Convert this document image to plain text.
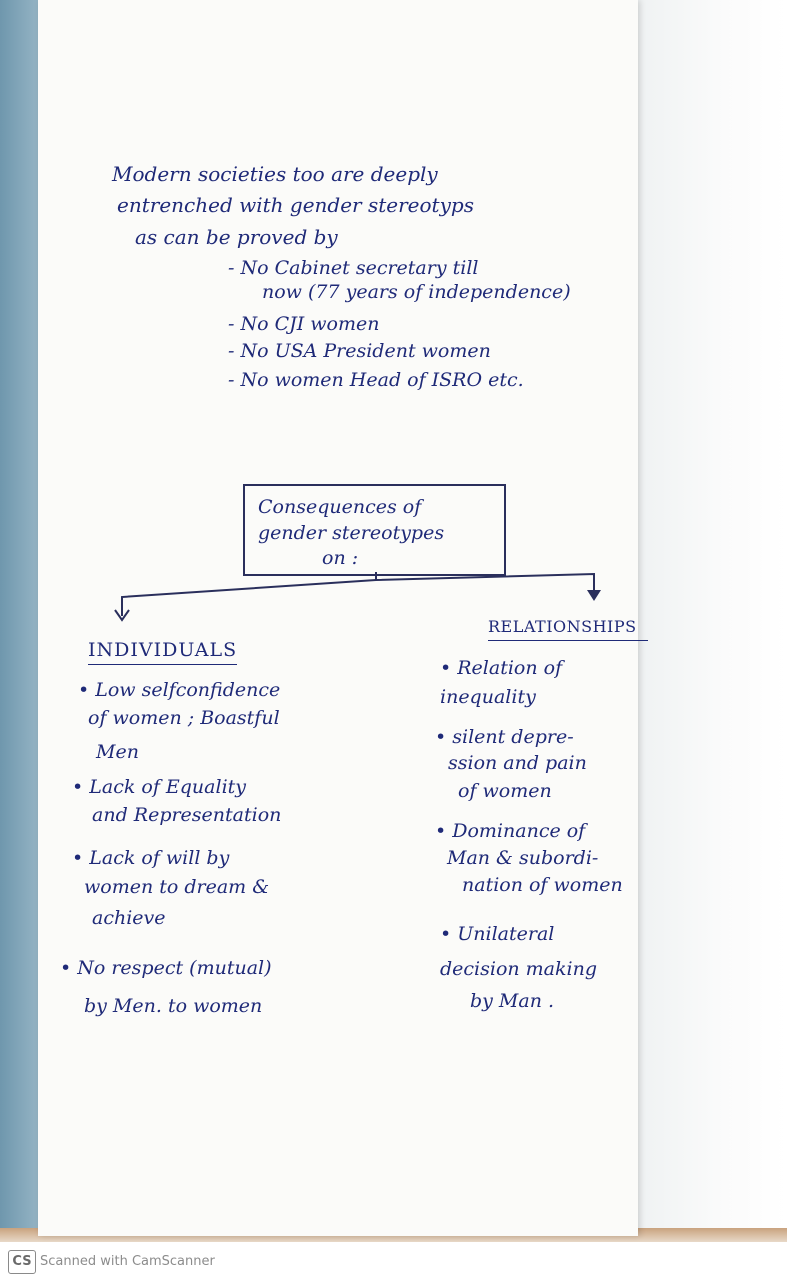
Modern societies too are deeply
entrenched with gender stereotyps
as can be proved by
- No Cabinet secretary till
now (77 years of independence)
- No CJI women
- No USA President women
- No women Head of ISRO etc.
Consequences of
gender stereotypes
on :
INDIVIDUALS
• Low selfconfidence
of women ; Boastful
Men
• Lack of Equality
and Representation
• Lack of will by
women to dream &
achieve
• No respect (mutual)
by Men. to women
RELATIONSHIPS
• Relation of
inequality
• silent depre-
ssion and pain
of women
• Dominance of
Man & subordi-
nation of women
• Unilateral
decision making
by Man .
CS Scanned with CamScanner
